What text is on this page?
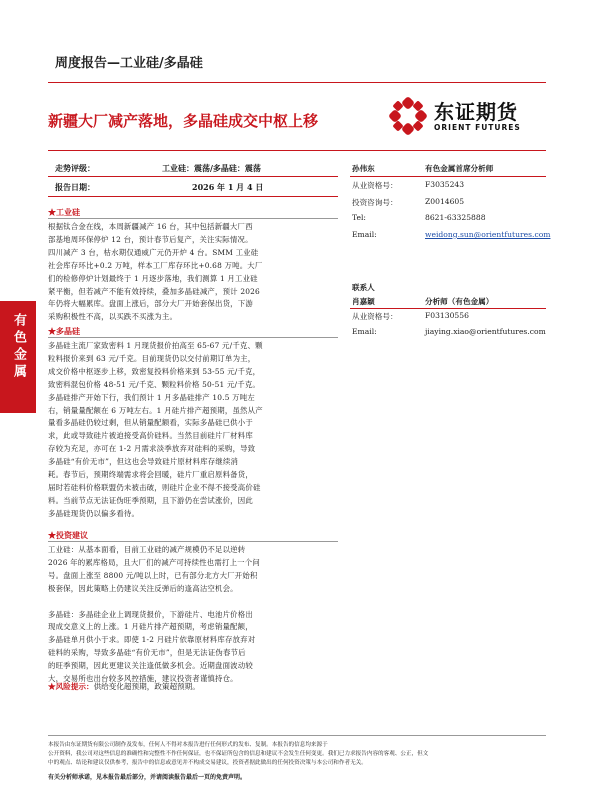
周度报告—工业硅/多晶硅
新疆大厂减产落地，多晶硅成交中枢上移	东证期货
ORIENT FUTURES
走势评级：	工业硅：震荡/多晶硅：震荡
报告日期：	2026 年 1 月 4 日
有色金属
★工业硅
根据钛合金在线，本周新疆减产 16 台，其中包括新疆大厂西
部基地周环保停炉 12 台，预计春节后复产，关注实际情况。
四川减产 3 台，枯水期仅通威广元仍开炉 4 台。SMM 工业硅
社会库存环比+0.2 万吨，样本工厂库存环比+0.68 万吨。大厂
们的检修停炉计划最终于 1 月逐步落地，我们测算 1 月工业硅
紧平衡，但若减产不能有效持续，叠加多晶硅减产，预计 2026
年仍将大幅累库。盘面上涨后，部分大厂开始套保出货，下游
采购积极性不高，以买跌不买涨为主。
★多晶硅
多晶硅主流厂家致密料 1 月现货报价拍高至 65-67 元/千克、颗
粒料报价来到 63 元/千克。目前现货仍以交付前期订单为主，
成交价格中枢逐步上移，致密复投料价格来到 53-55 元/千克，
致密料混包价格 48-51 元/千克、颗粒料价格 50-51 元/千克。
多晶硅排产开始下行，我们预计 1 月多晶硅排产 10.5 万吨左
右，销量量配额在 6 万吨左右。1 月硅片排产超预期，虽然从产
量看多晶硅仍较过剩，但从销量配额看，实际多晶硅已供小于
求，此或导致硅片被迫接受高价硅料。当然目前硅片厂材料库
存较为充足，亦可在 1-2 月需求淡季放弃对硅料的采购，导致
多晶硅“有价无市”，但这也会导致硅片原材料库存继续消
耗。春节后，预期终端需求将会回暖，硅片厂重启原料备货，
届时若硅料价格联盟仍未被击破，则硅片企业不得不接受高价硅
料。当前节点无法证伪旺季预期，且下游仍在尝试涨价，因此
多晶硅现货仍以偏多看待。
★投资建议
工业硅：从基本面看，目前工业硅的减产规模仍不足以逆转
2026 年的累库格局，且大厂们的减产可持续性也需打上一个问
号。盘面上涨至 8800 元/吨以上时，已有部分北方大厂开始积
极套保，因此策略上仍建议关注反弹后的逢高沽空机会。

多晶硅：多晶硅企业上调现货报价，下游硅片、电池片价格出
现成交意义上的上涨。1 月硅片排产超预期，考虑销量配额，
多晶硅单月供小于求。即使 1-2 月硅片依靠原材料库存放弃对
硅料的采购，导致多晶硅“有价无市”，但是无法证伪春节后
的旺季预期，因此更建议关注逢低做多机会。近期盘面波动较
大，交易所也出台较多风控措施，建议投资者谨慎持仓。
★风险提示：供给变化超预期，政策超预期。
孙伟东	有色金属首席分析师
从业资格号：	F3035243
投资咨询号：	Z0014605
Tel:	8621-63325888
Email:	weidong.sun@orientfutures.com
联系人
肖嘉颖	分析师（有色金属）
从业资格号：	F03130556
Email:	jiaying.xiao@orientfutures.com
本报告由东证期货有限公司制作及发布，任何人不得对本报告进行任何形式的发布、复制。本报告的信息均来源于
公开资料，我公司对这些信息的准确性和完整性不作任何保证，也不保证所包含的信息和建议不会发生任何变更。我们已力求报告内容的客观、公正，但文
中的观点、结论和建议仅供参考，报告中的信息或意见并不构成交易建议，投资者据此做出的任何投资决策与本公司和作者无关。
有关分析师承诺，见本报告最后部分，并请阅读报告最后一页的免责声明。
